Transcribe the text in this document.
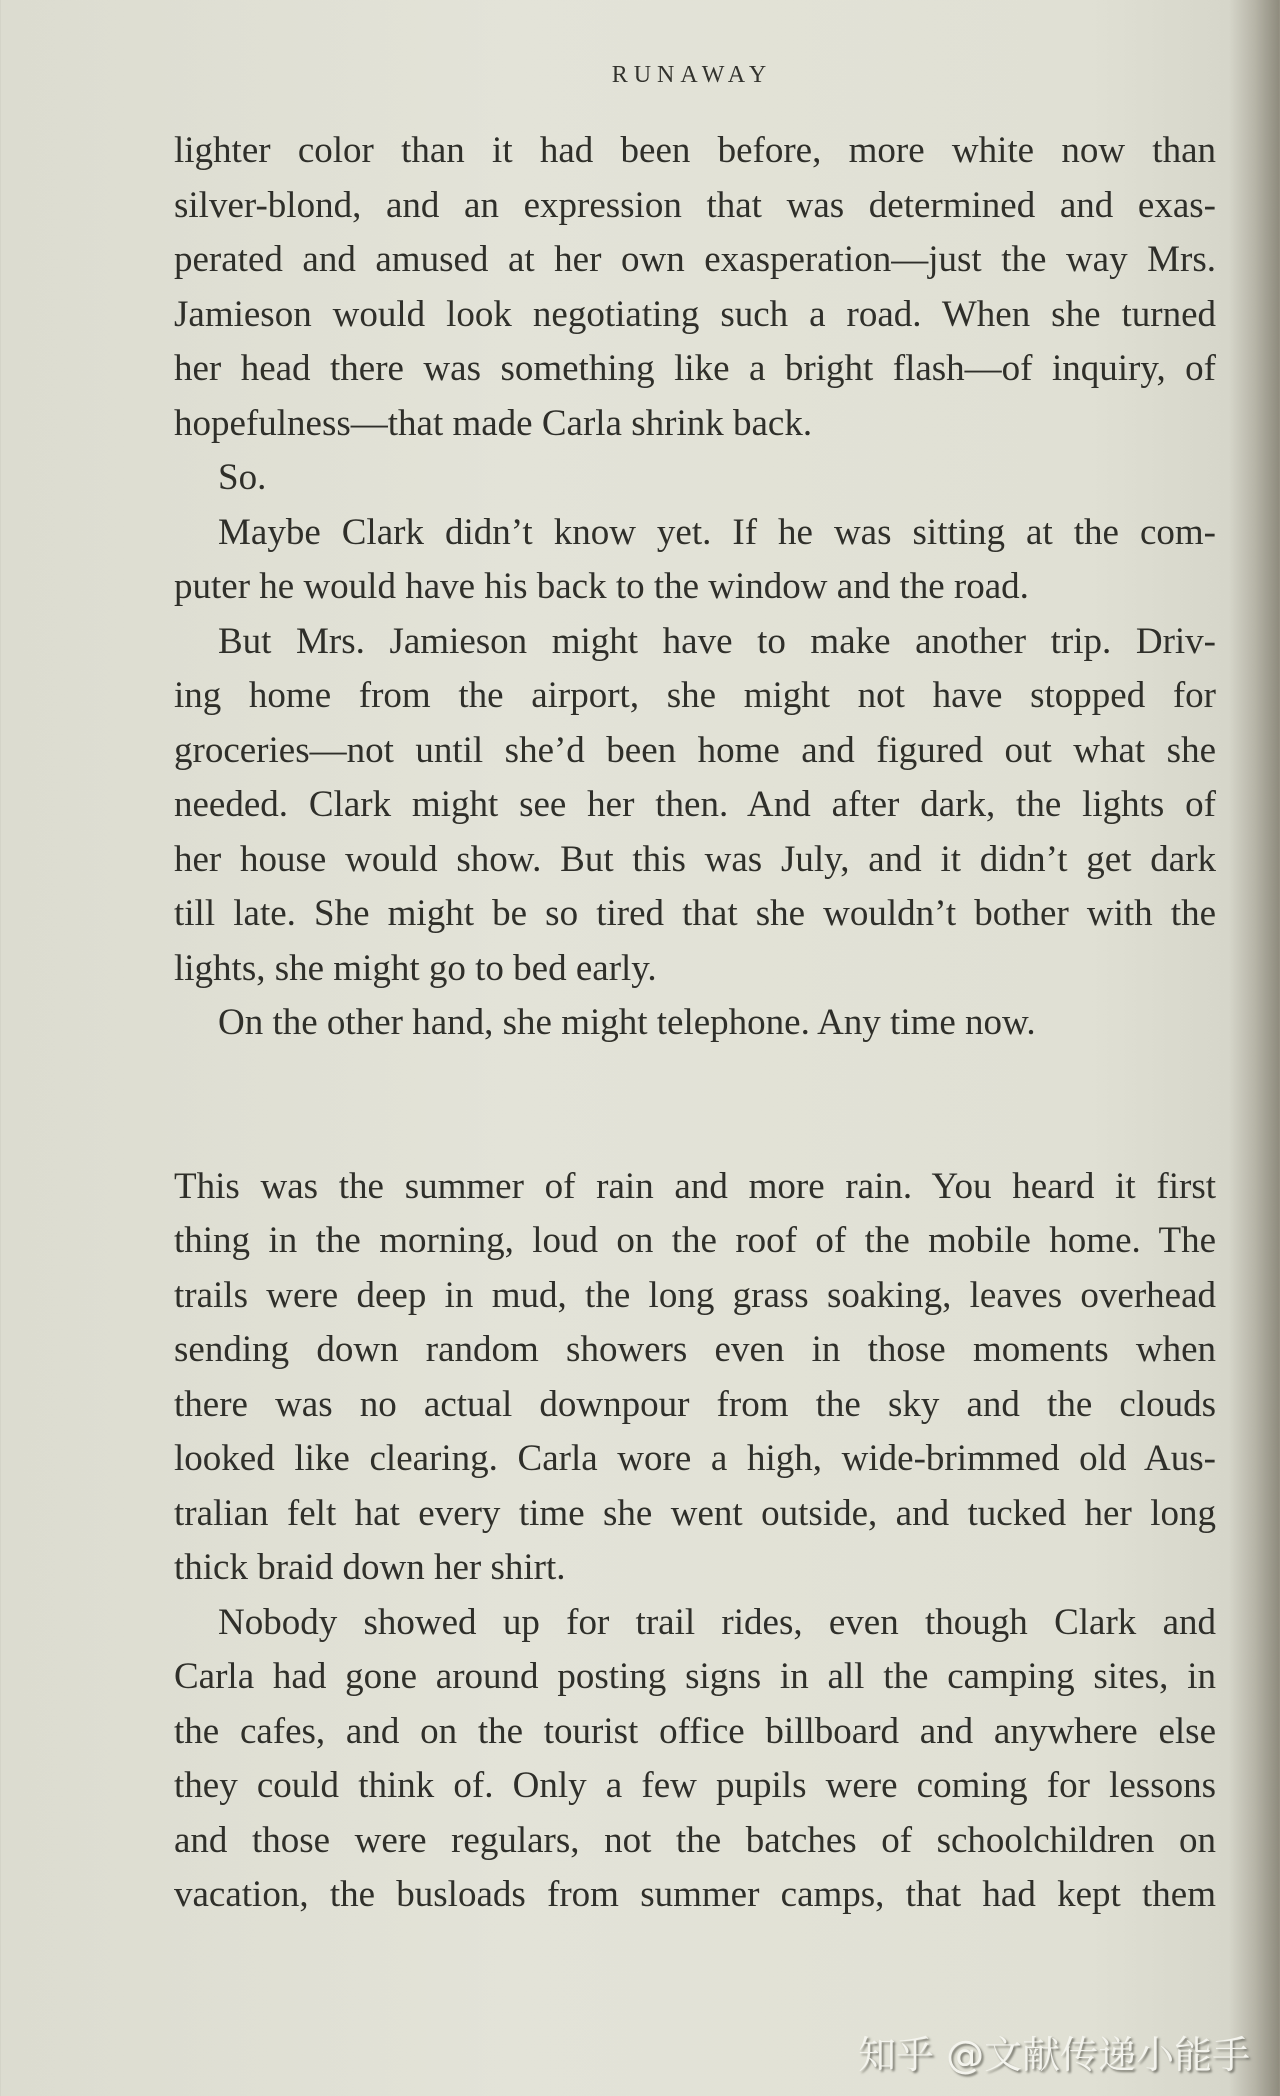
RUNAWAY
lighter color than it had been before, more white now than
silver-blond, and an expression that was determined and exas-
perated and amused at her own exasperation—just the way Mrs.
Jamieson would look negotiating such a road. When she turned
her head there was something like a bright flash—of inquiry, of
hopefulness—that made Carla shrink back.
So.
Maybe Clark didn’t know yet. If he was sitting at the com-
puter he would have his back to the window and the road.
But Mrs. Jamieson might have to make another trip. Driv-
ing home from the airport, she might not have stopped for
groceries—not until she’d been home and figured out what she
needed. Clark might see her then. And after dark, the lights of
her house would show. But this was July, and it didn’t get dark
till late. She might be so tired that she wouldn’t bother with the
lights, she might go to bed early.
On the other hand, she might telephone. Any time now.
This was the summer of rain and more rain. You heard it first
thing in the morning, loud on the roof of the mobile home. The
trails were deep in mud, the long grass soaking, leaves overhead
sending down random showers even in those moments when
there was no actual downpour from the sky and the clouds
looked like clearing. Carla wore a high, wide-brimmed old Aus-
tralian felt hat every time she went outside, and tucked her long
thick braid down her shirt.
Nobody showed up for trail rides, even though Clark and
Carla had gone around posting signs in all the camping sites, in
the cafes, and on the tourist office billboard and anywhere else
they could think of. Only a few pupils were coming for lessons
and those were regulars, not the batches of schoolchildren on
vacation, the busloads from summer camps, that had kept them
知乎 @文献传递小能手
